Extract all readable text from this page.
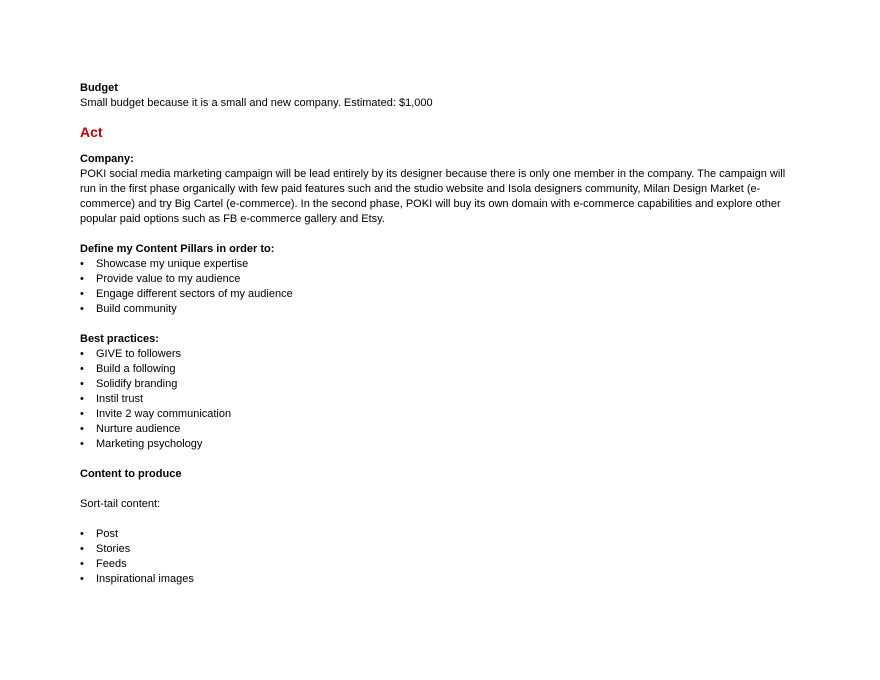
Budget

Small budget because it is a small and new company. Estimated: $1,000

Act
Company:

POKI social media marketing campaign will be lead entirely by its designer because there is only one member in the company. The campaign will run in the first phase organically with few paid features such and the studio website and Isola designers community, Milan Design Market (e-commerce) and try Big Cartel (e-commerce). In the second phase, POKI will buy its own domain with e-commerce capabilities and explore other popular paid options such as FB e-commerce gallery and Etsy.

Define my Content Pillars in order to:
• Showcase my unique expertise
• Provide value to my audience
• Engage different sectors of my audience
• Build community
Best practices:
• GIVE to followers
• Build a following
• Solidify branding
• Instil trust
• Invite 2 way communication
• Nurture audience
• Marketing psychology
Content to produce
Sort-tail content:
• Post
• Stories
• Feeds
• Inspirational images
